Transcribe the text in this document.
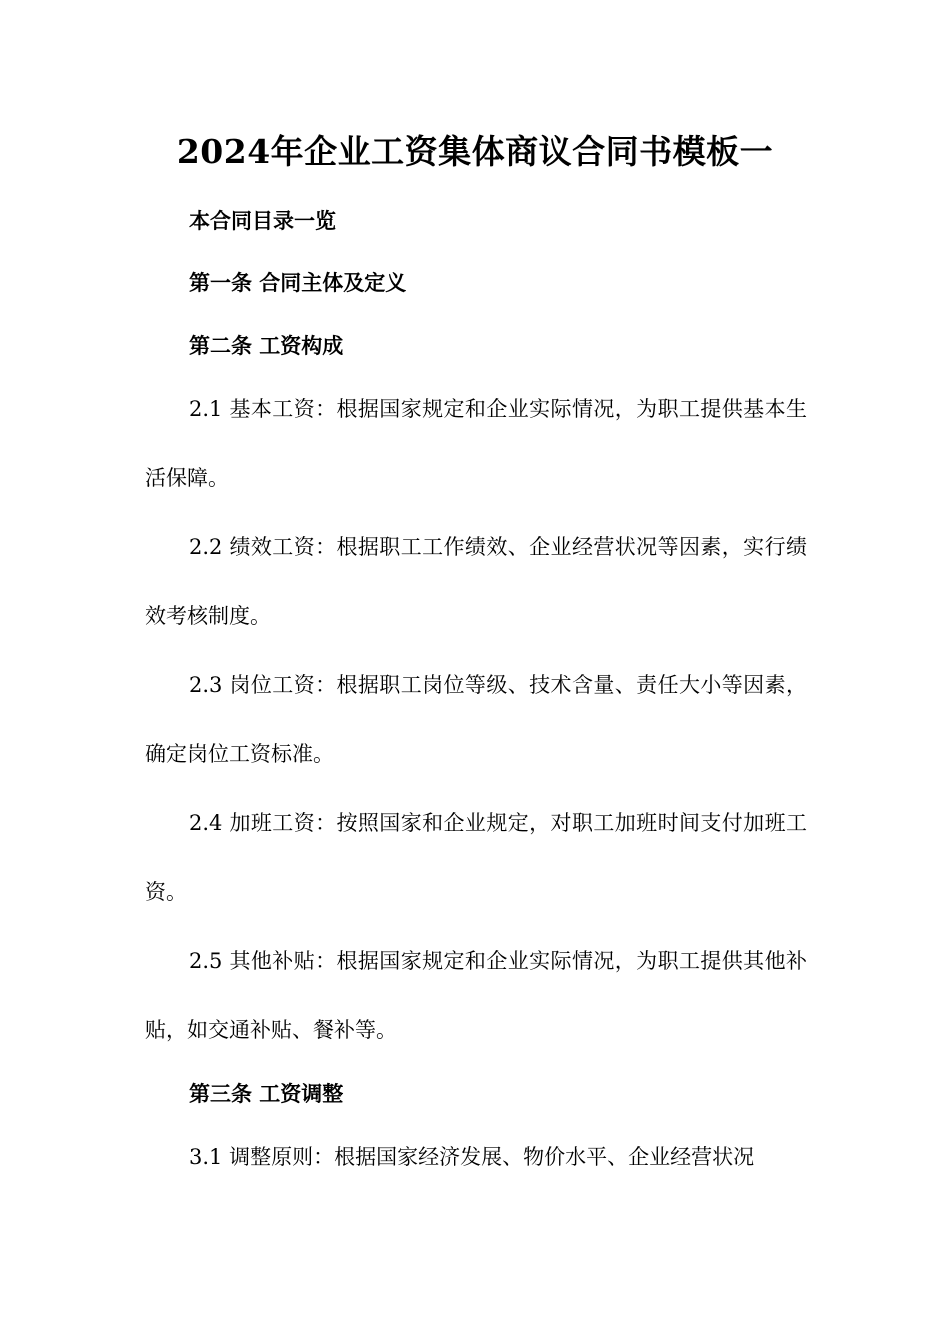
2024年企业工资集体商议合同书模板一
本合同目录一览
第一条 合同主体及定义
第二条 工资构成
2.1 基本工资：根据国家规定和企业实际情况，为职工提供基本生活保障。
2.2 绩效工资：根据职工工作绩效、企业经营状况等因素，实行绩效考核制度。
2.3 岗位工资：根据职工岗位等级、技术含量、责任大小等因素，确定岗位工资标准。
2.4 加班工资：按照国家和企业规定，对职工加班时间支付加班工资。
2.5 其他补贴：根据国家规定和企业实际情况，为职工提供其他补贴，如交通补贴、餐补等。
第三条 工资调整
3.1 调整原则：根据国家经济发展、物价水平、企业经营状况
